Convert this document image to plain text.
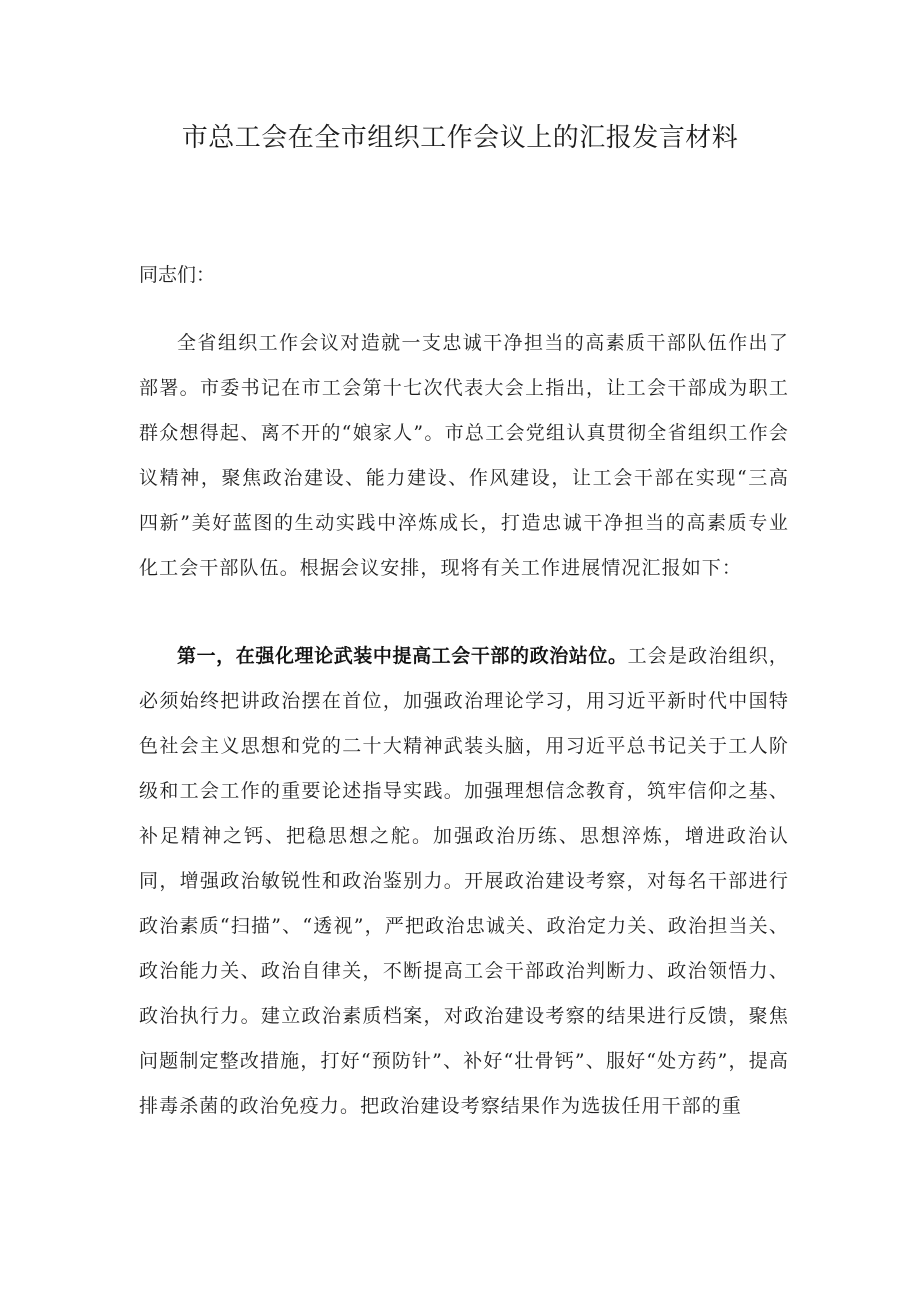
市总工会在全市组织工作会议上的汇报发言材料
同志们：

全省组织工作会议对造就一支忠诚干净担当的高素质干部队伍作出了部署。市委书记在市工会第十七次代表大会上指出，让工会干部成为职工群众想得起、离不开的“娘家人”。市总工会党组认真贯彻全省组织工作会议精神，聚焦政治建设、能力建设、作风建设，让工会干部在实现“三高四新”美好蓝图的生动实践中淬炼成长，打造忠诚干净担当的高素质专业化工会干部队伍。根据会议安排，现将有关工作进展情况汇报如下：

第一，在强化理论武装中提高工会干部的政治站位。工会是政治组织，必须始终把讲政治摆在首位，加强政治理论学习，用习近平新时代中国特色社会主义思想和党的二十大精神武装头脑，用习近平总书记关于工人阶级和工会工作的重要论述指导实践。加强理想信念教育，筑牢信仰之基、补足精神之钙、把稳思想之舵。加强政治历练、思想淬炼，增进政治认同，增强政治敏锐性和政治鉴别力。开展政治建设考察，对每名干部进行政治素质“扫描”、“透视”，严把政治忠诚关、政治定力关、政治担当关、政治能力关、政治自律关，不断提高工会干部政治判断力、政治领悟力、政治执行力。建立政治素质档案，对政治建设考察的结果进行反馈，聚焦问题制定整改措施，打好“预防针”、补好“壮骨钙”、服好“处方药”，提高排毒杀菌的政治免疫力。把政治建设考察结果作为选拔任用干部的重
